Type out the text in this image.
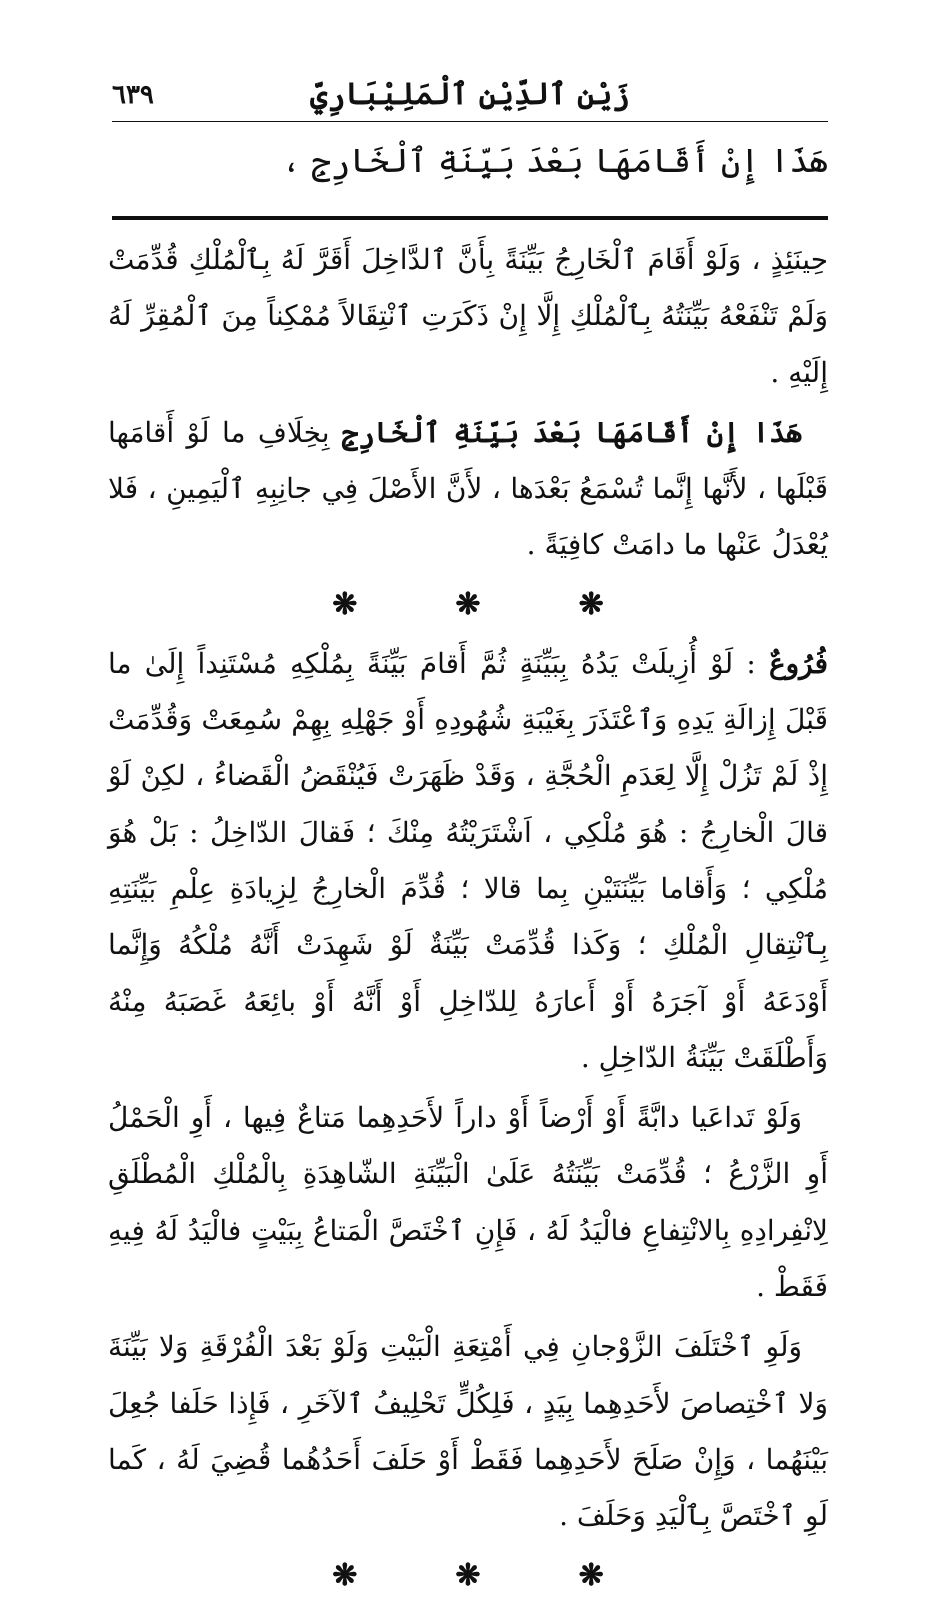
زَيْن ٱلدِّيْنِ ٱلْمَلِيْبَارِيِّ
٦٣٩
هَذَا إِنْ أَقَامَهَا بَعْدَ بَيِّنَةِ ٱلْخَارِجِ ،

حِينَئِذٍ ، وَلَوْ أَقَامَ ٱلْخَارِجُ بَيِّنَةً بِأَنَّ ٱلدَّاخِلَ أَقَرَّ لَهُ بِٱلْمُلْكِ قُدِّمَتْ وَلَمْ تَنْفَعْهُ بَيِّنَتُهُ بِٱلْمُلْكِ إِلَّا إِنْ ذَكَرَتِ ٱنْتِقَالاً مُمْكِناً مِنَ ٱلْمُقِرِّ لَهُ إِلَيْهِ .

هَذَا إِنْ أَقَامَهَا بَعْدَ بَيِّنَةِ ٱلْخَارِجِ بِخِلَافِ ما لَوْ أَقامَها قَبْلَها ، لأَنَّها إِنَّما تُسْمَعُ بَعْدَها ، لأَنَّ الأَصْلَ فِي جانِبِهِ ٱلْيَمِينِ ، فَلا يُعْدَلُ عَنْها ما دامَتْ كافِيَةً .

❋	❋	❋

فُرُوعٌ : لَوْ أُزِيلَتْ يَدُهُ بِبَيِّنَةٍ ثُمَّ أَقامَ بَيِّنَةً بِمُلْكِهِ مُسْتَنِداً إِلَىٰ ما قَبْلَ إِزالَةِ يَدِهِ وَٱعْتَذَرَ بِغَيْبَةِ شُهُودِهِ أَوْ جَهْلِهِ بِهِمْ سُمِعَتْ وَقُدِّمَتْ إِذْ لَمْ تَزُلْ إِلَّا لِعَدَمِ الْحُجَّةِ ، وَقَدْ ظَهَرَتْ فَيُنْقَضُ الْقَضاءُ ، لكِنْ لَوْ قالَ الْخارِجُ : هُوَ مُلْكِي ، اَشْتَرَيْتُهُ مِنْكَ ؛ فَقالَ الدّاخِلُ : بَلْ هُوَ مُلْكِي ؛ وَأَقاما بَيِّنَتَيْنِ بِما قالا ؛ قُدِّمَ الْخارِجُ لِزِيادَةِ عِلْمِ بَيِّنَتِهِ بِٱنْتِقالِ الْمُلْكِ ؛ وَكَذا قُدِّمَتْ بَيِّنَةٌ لَوْ شَهِدَتْ أَنَّهُ مُلْكُهُ وَإِنَّما أَوْدَعَهُ أَوْ آجَرَهُ أَوْ أَعارَهُ لِلدّاخِلِ أَوْ أَنَّهُ أَوْ بائِعَهُ غَصَبَهُ مِنْهُ وَأَطْلَقَتْ بَيِّنَةُ الدّاخِلِ .

وَلَوْ تَداعَيا دابَّةً أَوْ أَرْضاً أَوْ داراً لأَحَدِهِما مَتاعٌ فِيها ، أَوِ الْحَمْلُ أَوِ الزَّرْعُ ؛ قُدِّمَتْ بَيِّنَتُهُ عَلَىٰ الْبَيِّنَةِ الشّاهِدَةِ بِالْمُلْكِ الْمُطْلَقِ لِانْفِرادِهِ بِالانْتِفاعِ فالْيَدُ لَهُ ، فَإِنِ ٱخْتَصَّ الْمَتاعُ بِبَيْتٍ فالْيَدُ لَهُ فِيهِ فَقَطْ .

وَلَوِ ٱخْتَلَفَ الزَّوْجانِ فِي أَمْتِعَةِ الْبَيْتِ وَلَوْ بَعْدَ الْفُرْقَةِ وَلا بَيِّنَةَ وَلا ٱخْتِصاصَ لأَحَدِهِما بِيَدٍ ، فَلِكُلٍّ تَحْلِيفُ ٱلآخَرِ ، فَإِذا حَلَفا جُعِلَ بَيْنَهُما ، وَإِنْ صَلَحَ لأَحَدِهِما فَقَطْ أَوْ حَلَفَ أَحَدُهُما قُضِيَ لَهُ ، كَما لَوِ ٱخْتَصَّ بِٱلْيَدِ وَحَلَفَ .

❋	❋	❋
